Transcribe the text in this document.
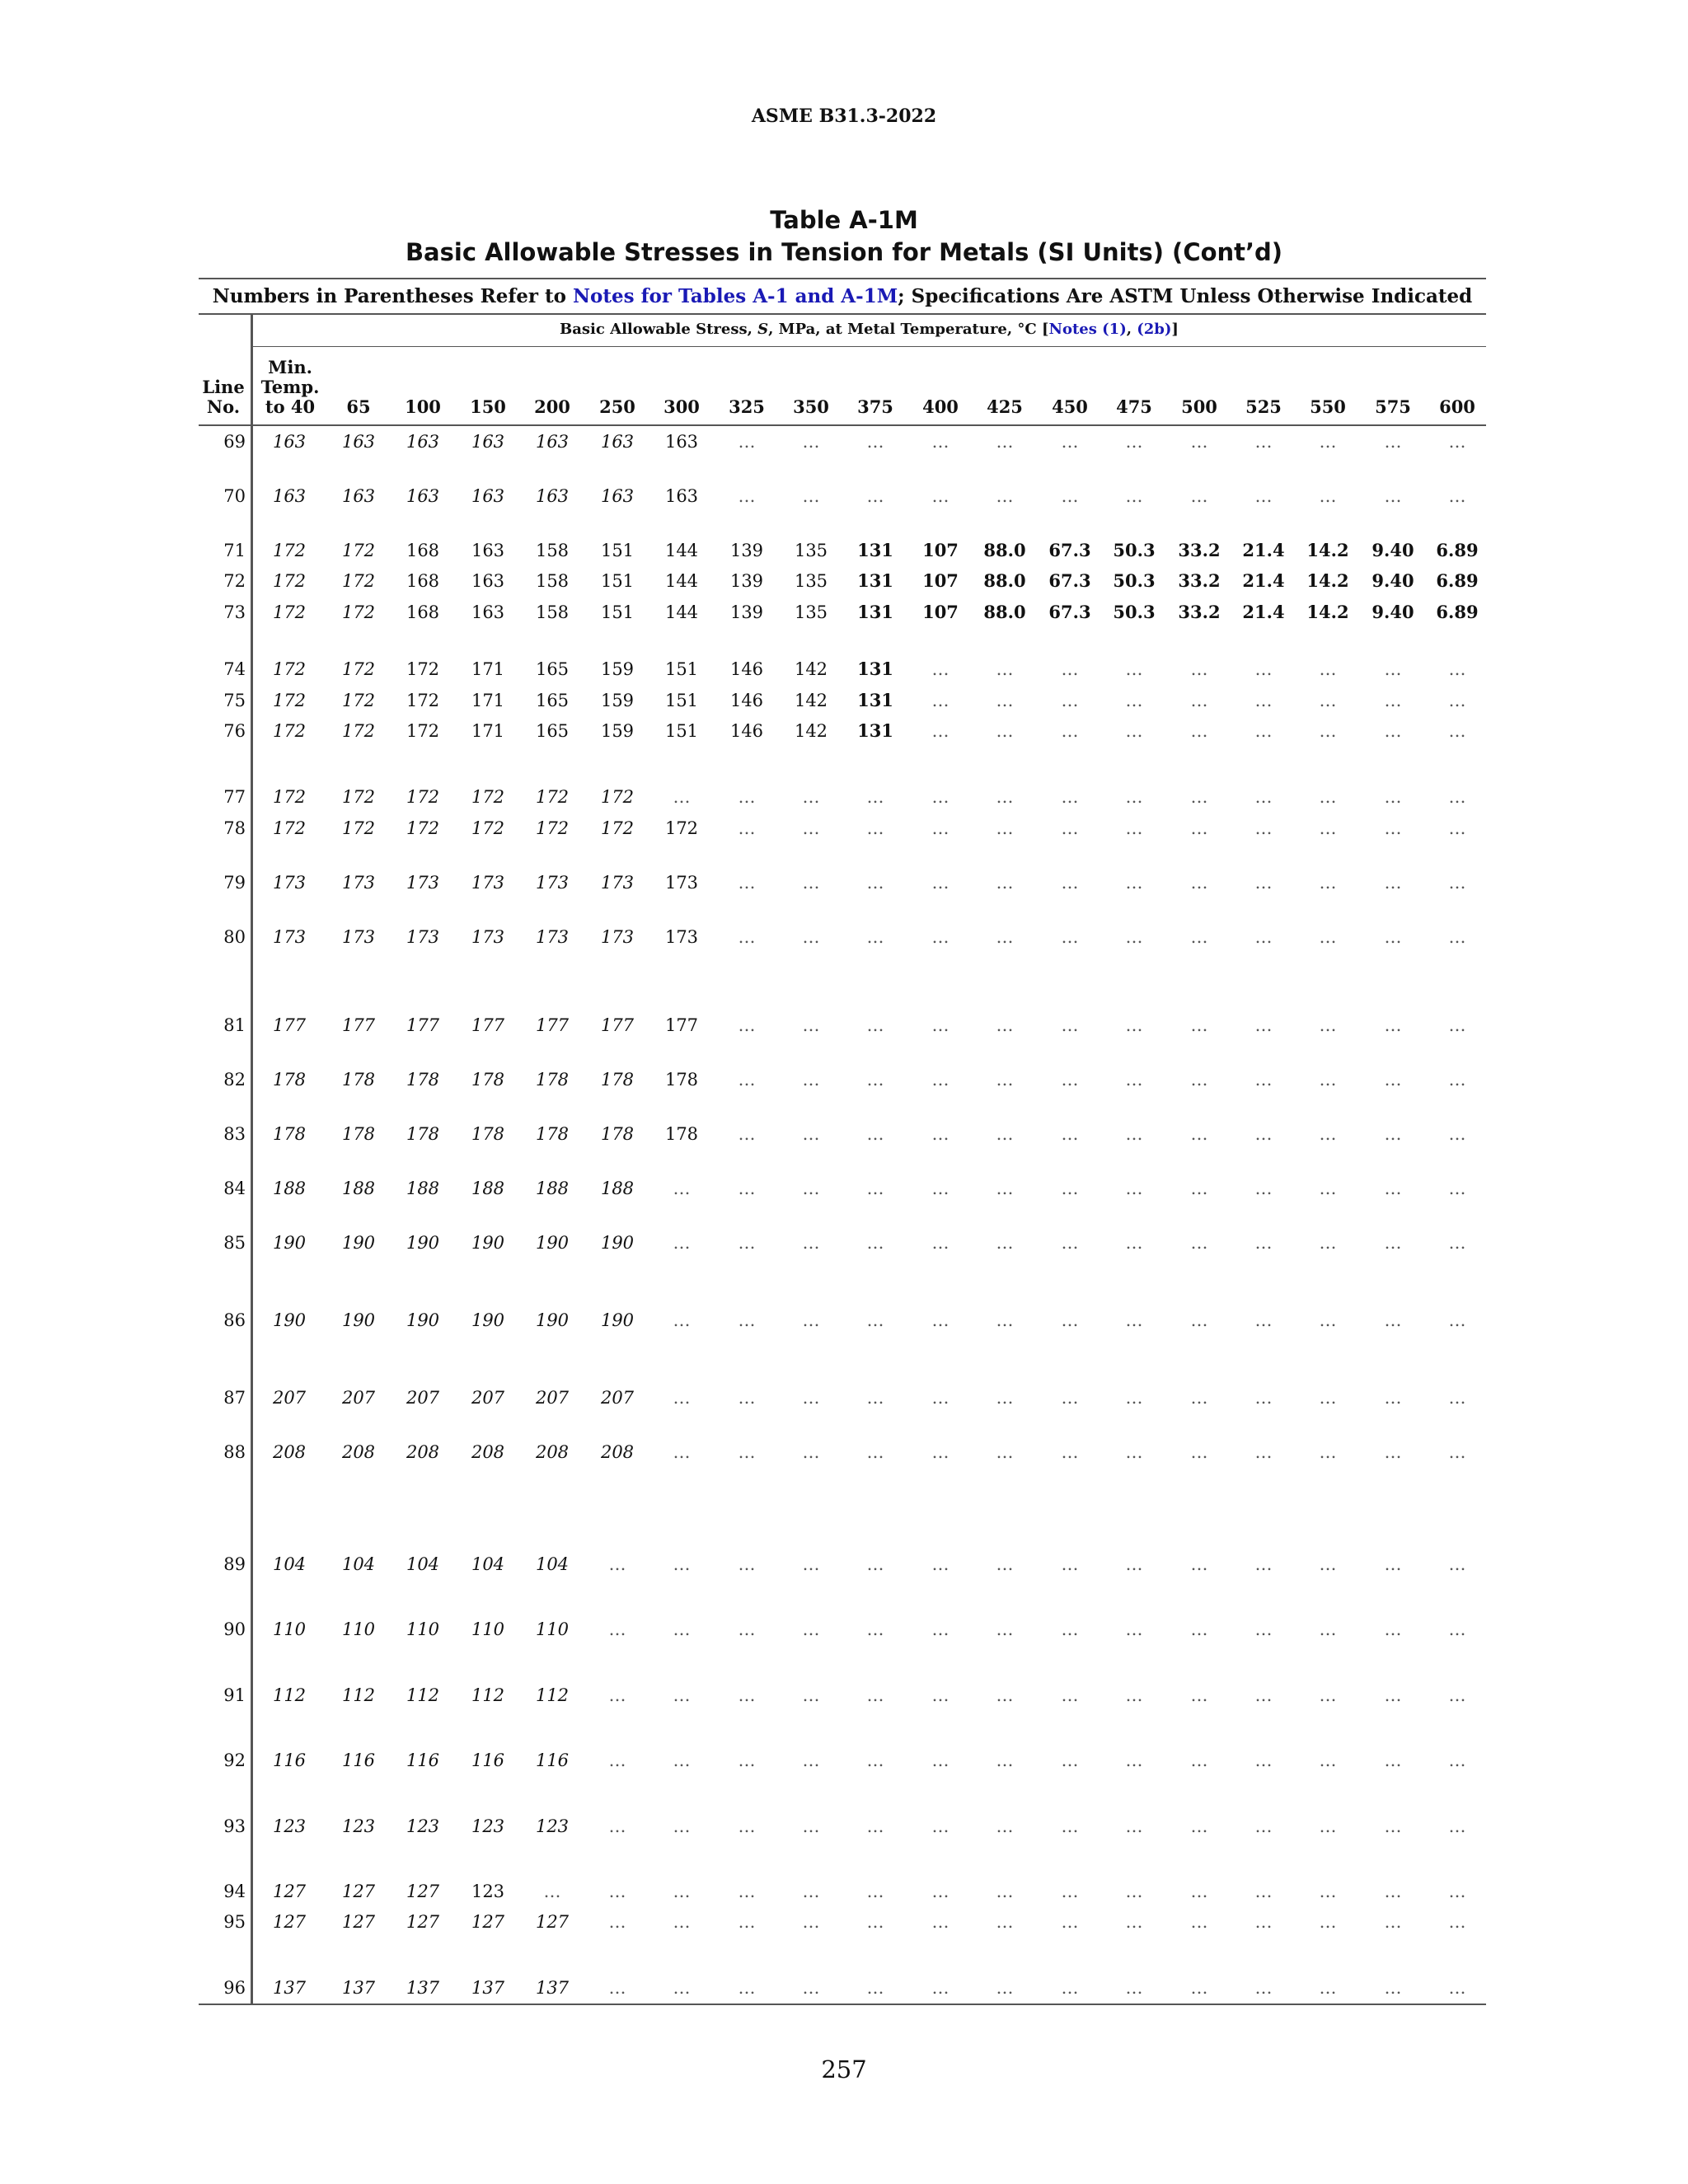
ASME B31.3-2022
Table A-1M
Basic Allowable Stresses in Tension for Metals (SI Units) (Cont’d)
Numbers in Parentheses Refer to Notes for Tables A-1 and A-1M; Specifications Are ASTM Unless Otherwise Indicated
Basic Allowable Stress, S, MPa, at Metal Temperature, °C [Notes (1), (2b)]
Line
No.
Min.
Temp.
to 40	65	100	150	200	250	300	325	350	375	400	425	450	475	500	525	550	575	600
69 163 163 163 163 163 163 163 …	…	…	…	…	…	…	…	…	…	…	…
70 163 163 163 163 163 163 163 …	…	…	…	…	…	…	…	…	…	…	…
71 172 172 168 163 158 151 144 139 135 131 107 88.0 67.3 50.3 33.2 21.4 14.2 9.40 6.89
72 172 172 168 163 158 151 144 139 135 131 107 88.0 67.3 50.3 33.2 21.4 14.2 9.40 6.89
73 172 172 168 163 158 151 144 139 135 131 107 88.0 67.3 50.3 33.2 21.4 14.2 9.40 6.89
74 172 172 172 171 165 159 151 146 142 131 …	…	…	…	…	…	…	…	…
75 172 172 172 171 165 159 151 146 142 131 …	…	…	…	…	…	…	…	…
76 172 172 172 171 165 159 151 146 142 131 …	…	…	…	…	…	…	…	…
77 172 172 172 172 172 172 …	…	…	…	…	…	…	…	…	…	…	…	…
78 172 172 172 172 172 172 172 …	…	…	…	…	…	…	…	…	…	…	…
79 173 173 173 173 173 173 173 …	…	…	…	…	…	…	…	…	…	…	…
80 173 173 173 173 173 173 173 …	…	…	…	…	…	…	…	…	…	…	…
81 177 177 177 177 177 177 177 …	…	…	…	…	…	…	…	…	…	…	…
82 178 178 178 178 178 178 178 …	…	…	…	…	…	…	…	…	…	…	…
83 178 178 178 178 178 178 178 …	…	…	…	…	…	…	…	…	…	…	…
84 188 188 188 188 188 188 …	…	…	…	…	…	…	…	…	…	…	…	…
85 190 190 190 190 190 190 …	…	…	…	…	…	…	…	…	…	…	…	…
86 190 190 190 190 190 190 …	…	…	…	…	…	…	…	…	…	…	…	…
87 207 207 207 207 207 207 …	…	…	…	…	…	…	…	…	…	…	…	…
88 208 208 208 208 208 208 …	…	…	…	…	…	…	…	…	…	…	…	…
89 104 104 104 104 104 …	…	…	…	…	…	…	…	…	…	…	…	…	…
90 110 110 110 110 110 …	…	…	…	…	…	…	…	…	…	…	…	…	…
91 112 112 112 112 112 …	…	…	…	…	…	…	…	…	…	…	…	…	…
92 116 116 116 116 116 …	…	…	…	…	…	…	…	…	…	…	…	…	…
93 123 123 123 123 123 …	…	…	…	…	…	…	…	…	…	…	…	…	…
94 127 127 127 123 …	…	…	…	…	…	…	…	…	…	…	…	…	…	…
95 127 127 127 127 127 …	…	…	…	…	…	…	…	…	…	…	…	…	…
96 137 137 137 137 137 …	…	…	…	…	…	…	…	…	…	…	…	…	…
257
